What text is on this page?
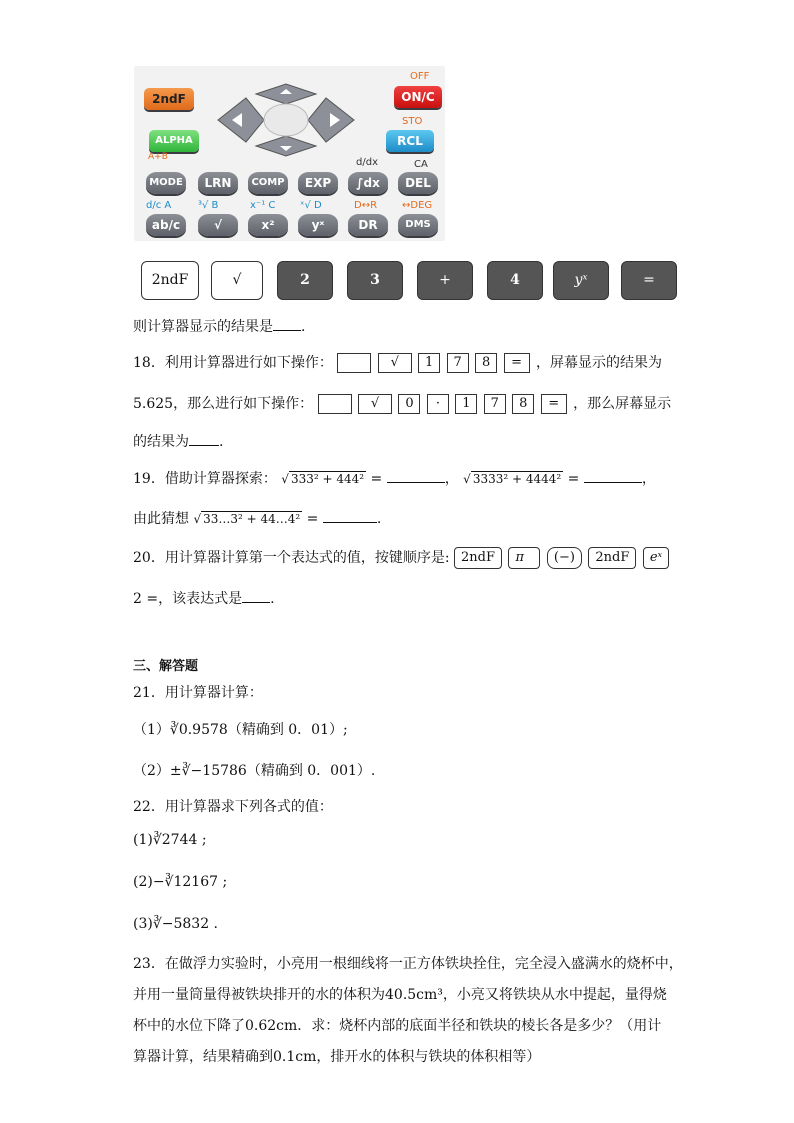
2ndF
ALPHA
OFF
ON/C
STO
RCL
A+B	d/dx	CA
MODE	LRN	COMP	EXP	∫dx	DEL
d/c A	³√ B	x⁻¹ C ˣ√ D	D↔R ↔DEG
ab/c	√	x²	yˣ	DR	DMS
2ndF	√	2	3	+	4	yˣ	=
则计算器显示的结果是 .
18．利用计算器进行如下操作：	√ 1 7 8 = ，屏幕显示的结果为
5.625，那么进行如下操作：	√ 0 · 1 7 8 = ，那么屏幕显示
的结果为 .
19．借助计算器探索： √ 333² + 444² =	， √ 3333² + 4444² =	，
由此猜想 √ 33…3² + 44…4² =	.
20．用计算器计算第一个表达式的值，按键顺序是: 2ndF π (−) 2ndF eˣ
2 =，该表达式是 .
三、解答题
21．用计算器计算：
（1）∛0.9578（精确到 0．01）;
（2）±∛−15786（精确到 0．001）.
22．用计算器求下列各式的值：
(1)∛2744 ;
(2)−∛12167 ;
(3)∛−5832 .
23．在做浮力实验时，小亮用一根细线将一正方体铁块拴住，完全浸入盛满水的烧杯中，
并用一量筒量得被铁块排开的水的体积为40.5cm³，小亮又将铁块从水中提起，量得烧
杯中的水位下降了0.62cm．求：烧杯内部的底面半径和铁块的棱长各是多少？（用计
算器计算，结果精确到0.1cm，排开水的体积与铁块的体积相等）
